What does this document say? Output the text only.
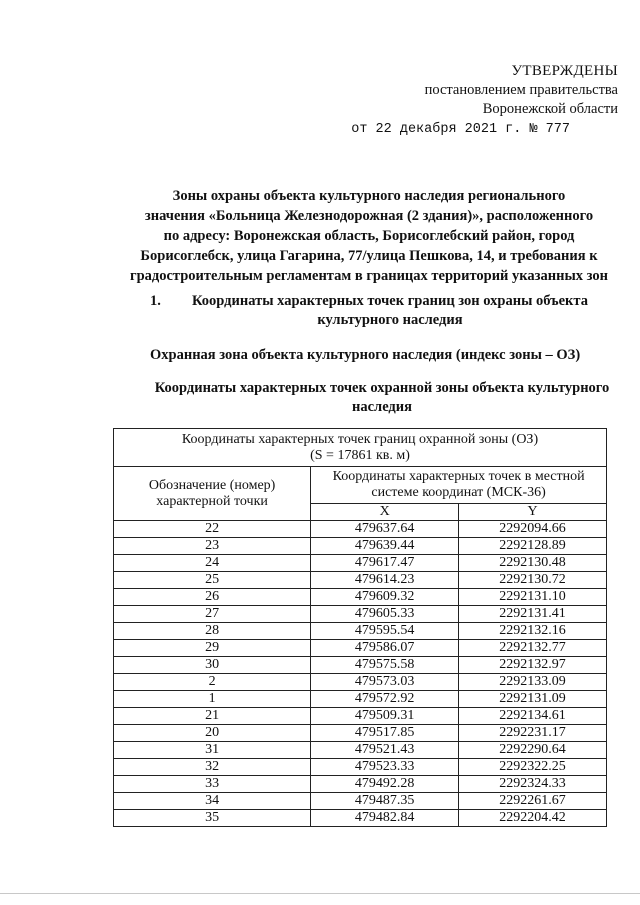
УТВЕРЖДЕНЫ
постановлением правительства
Воронежской области
от 22 декабря 2021 г. № 777
Зоны охраны объекта культурного наследия регионального
значения «Больница Железнодорожная (2 здания)», расположенного
по адресу: Воронежская область, Борисоглебский район, город
Борисоглебск, улица Гагарина, 77/улица Пешкова, 14, и требования к
градостроительным регламентам в границах территорий указанных зон
1.	Координаты характерных точек границ зон охраны объекта
культурного наследия
Охранная зона объекта культурного наследия (индекс зоны – ОЗ)
Координаты характерных точек охранной зоны объекта культурного
наследия
Координаты характерных точек границ охранной зоны (ОЗ)
(S = 17861 кв. м)		

Обозначение (номер) характерной точки	Координаты характерных точек в местной системе координат (МСК-36)	
	X	Y
22	479637.64	2292094.66
23	479639.44	2292128.89
24	479617.47	2292130.48
25	479614.23	2292130.72
26	479609.32	2292131.10
27	479605.33	2292131.41
28	479595.54	2292132.16
29	479586.07	2292132.77
30	479575.58	2292132.97
2	479573.03	2292133.09
1	479572.92	2292131.09
21	479509.31	2292134.61
20	479517.85	2292231.17
31	479521.43	2292290.64
32	479523.33	2292322.25
33	479492.28	2292324.33
34	479487.35	2292261.67
35	479482.84	2292204.42
